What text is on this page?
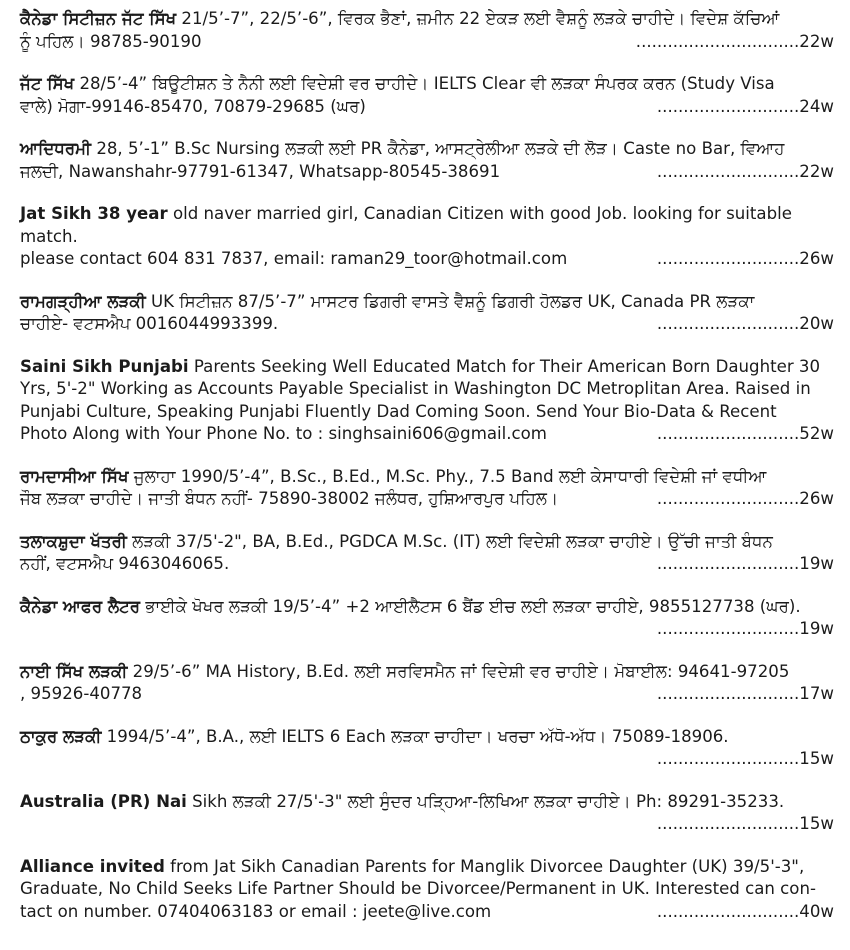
ਕੈਨੇਡਾ ਸਿਟੀਜ਼ਨ ਜੱਟ ਸਿੱਖ 21/5’-7”, 22/5’-6”, ਵਿਰਕ ਭੈਣਾਂ, ਜ਼ਮੀਨ 22 ਏਕੜ ਲਈ ਵੈਸ਼ਨੂੰ ਲੜਕੇ ਚਾਹੀਦੇ। ਵਿਦੇਸ਼ ਕੱਚਿਆਂ
ਨੂੰ ਪਹਿਲ। 98785-90190	...............................22w
ਜੱਟ ਸਿੱਖ 28/5’-4” ਬਿਊਟੀਸ਼ਨ ਤੇ ਨੈਨੀ ਲਈ ਵਿਦੇਸ਼ੀ ਵਰ ਚਾਹੀਦੇ। IELTS Clear ਵੀ ਲੜਕਾ ਸੰਪਰਕ ਕਰਨ (Study Visa
ਵਾਲੇ) ਮੋਗਾ-99146-85470, 70879-29685 (ਘਰ)	...........................24w
ਆਦਿਧਰਮੀ 28, 5’-1” B.Sc Nursing ਲੜਕੀ ਲਈ PR ਕੈਨੇਡਾ, ਆਸਟ੍ਰੇਲੀਆ ਲੜਕੇ ਦੀ ਲੋੜ। Caste no Bar, ਵਿਆਹ
ਜਲਦੀ, Nawanshahr-97791-61347, Whatsapp-80545-38691	...........................22w
Jat Sikh 38 year old naver married girl, Canadian Citizen with good Job. looking for suitable match.
please contact 604 831 7837, email: raman29_toor@hotmail.com	...........................26w
ਰਾਮਗੜ੍ਹੀਆ ਲੜਕੀ UK ਸਿਟੀਜ਼ਨ 87/5’-7” ਮਾਸਟਰ ਡਿਗਰੀ ਵਾਸਤੇ ਵੈਸ਼ਨੂੰ ਡਿਗਰੀ ਹੋਲਡਰ UK, Canada PR ਲੜਕਾ
ਚਾਹੀਏ- ਵਟਸਐਪ 0016044993399.	...........................20w
Saini Sikh Punjabi Parents Seeking Well Educated Match for Their American Born Daughter 30 Yrs, 5'-2" Working as Accounts Payable Specialist in Washington DC Metroplitan Area. Raised in Punjabi Culture, Speaking Punjabi Fluently Dad Coming Soon. Send Your Bio-Data & Recent
Photo Along with Your Phone No. to : singhsaini606@gmail.com	...........................52w
ਰਾਮਦਾਸੀਆ ਸਿੱਖ ਜੁਲਾਹਾ 1990/5’-4”, B.Sc., B.Ed., M.Sc. Phy., 7.5 Band ਲਈ ਕੇਸਾਧਾਰੀ ਵਿਦੇਸ਼ੀ ਜਾਂ ਵਧੀਆ
ਜੌਬ ਲੜਕਾ ਚਾਹੀਦੇ। ਜਾਤੀ ਬੰਧਨ ਨਹੀਂ- 75890-38002 ਜਲੰਧਰ, ਹੁਸ਼ਿਆਰਪੁਰ ਪਹਿਲ।	...........................26w
ਤਲਾਕਸ਼ੁਦਾ ਖੱਤਰੀ ਲੜਕੀ 37/5'-2", BA, B.Ed., PGDCA M.Sc. (IT) ਲਈ ਵਿਦੇਸ਼ੀ ਲੜਕਾ ਚਾਹੀਏ। ਉੱਚੀ ਜਾਤੀ ਬੰਧਨ
ਨਹੀਂ, ਵਟਸਐਪ 9463046065.	...........................19w
ਕੈਨੇਡਾ ਆਫਰ ਲੈਟਰ ਭਾਈਕੇ ਖੋਖਰ ਲੜਕੀ 19/5’-4” +2 ਆਈਲੈਟਸ 6 ਬੈਂਡ ਈਚ ਲਈ ਲੜਕਾ ਚਾਹੀਏ, 9855127738 (ਘਰ).
...........................19w
ਨਾਈ ਸਿੱਖ ਲੜਕੀ 29/5’-6” MA History, B.Ed. ਲਈ ਸਰਵਿਸਮੈਨ ਜਾਂ ਵਿਦੇਸ਼ੀ ਵਰ ਚਾਹੀਏ। ਮੋਬਾਈਲ: 94641-97205
, 95926-40778	...........................17w
ਠਾਕੁਰ ਲੜਕੀ 1994/5’-4”, B.A., ਲਈ IELTS 6 Each ਲੜਕਾ ਚਾਹੀਦਾ। ਖਰਚਾ ਅੱਧੋ-ਅੱਧ। 75089-18906.
...........................15w
Australia (PR) Nai Sikh ਲੜਕੀ 27/5'-3" ਲਈ ਸੁੰਦਰ ਪੜ੍ਹਿਆ-ਲਿਖਿਆ ਲੜਕਾ ਚਾਹੀਏ। Ph: 89291-35233.
...........................15w
Alliance invited from Jat Sikh Canadian Parents for Manglik Divorcee Daughter (UK) 39/5'-3", Graduate, No Child Seeks Life Partner Should be Divorcee/Permanent in UK. Interested can con-
tact on number. 07404063183 or email : jeete@live.com	...........................40w
